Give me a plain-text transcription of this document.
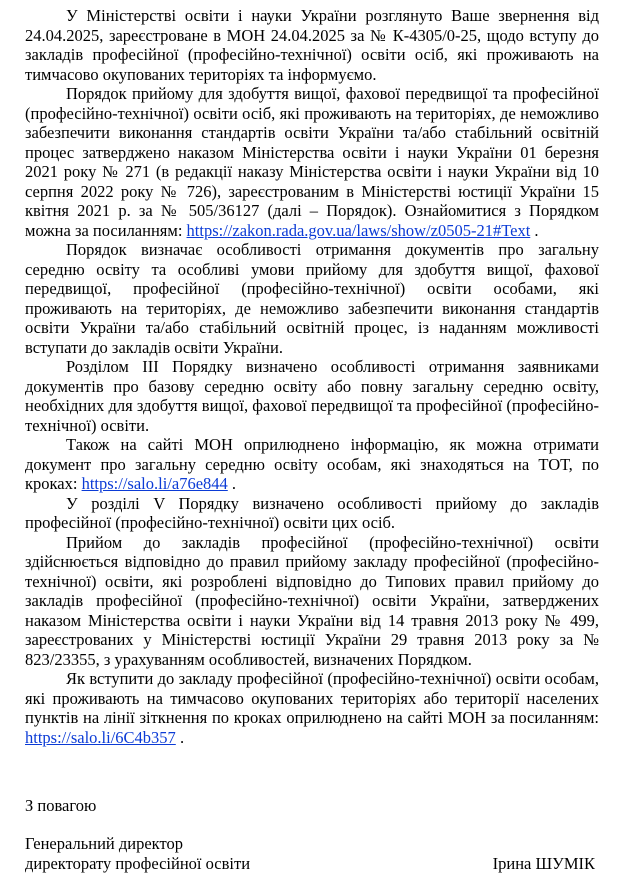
У Міністерстві освіти і науки України розглянуто Ваше звернення від 24.04.2025, зареєстроване в МОН 24.04.2025 за № К-4305/0-25, щодо вступу до закладів професійної (професійно-технічної) освіти осіб, які проживають на тимчасово окупованих територіях та інформуємо.

Порядок прийому для здобуття вищої, фахової передвищої та професійної (професійно-технічної) освіти осіб, які проживають на територіях, де неможливо забезпечити виконання стандартів освіти України та/або стабільний освітній процес затверджено наказом Міністерства освіти і науки України 01 березня 2021 року № 271 (в редакції наказу Міністерства освіти і науки України від 10 серпня 2022 року № 726), зареєстрованим в Міністерстві юстиції України 15 квітня 2021 р. за № 505/36127 (далі – Порядок). Ознайомитися з Порядком можна за посиланням: https://zakon.rada.gov.ua/laws/show/z0505-21#Text .

Порядок визначає особливості отримання документів про загальну середню освіту та особливі умови прийому для здобуття вищої, фахової передвищої, професійної (професійно-технічної) освіти особами, які проживають на територіях, де неможливо забезпечити виконання стандартів освіти України та/або стабільний освітній процес, із наданням можливості вступати до закладів освіти України.

Розділом ІІІ Порядку визначено особливості отримання заявниками документів про базову середню освіту або повну загальну середню освіту, необхідних для здобуття вищої, фахової передвищої та професійної (професійно-технічної) освіти.

Також на сайті МОН оприлюднено інформацію, як можна отримати документ про загальну середню освіту особам, які знаходяться на ТОТ, по кроках: https://salo.li/a76e844 .

У розділі V Порядку визначено особливості прийому до закладів професійної (професійно-технічної) освіти цих осіб.

Прийом до закладів професійної (професійно-технічної) освіти здійснюється відповідно до правил прийому закладу професійної (професійно-технічної) освіти, які розроблені відповідно до Типових правил прийому до закладів професійної (професійно-технічної) освіти України, затверджених наказом Міністерства освіти і науки України від 14 травня 2013 року № 499, зареєстрованих у Міністерстві юстиції України 29 травня 2013 року за № 823/23355, з урахуванням особливостей, визначених Порядком.

Як вступити до закладу професійної (професійно-технічної) освіти особам, які проживають на тимчасово окупованих територіях або території населених пунктів на лінії зіткнення по кроках оприлюднено на сайті МОН за посиланням: https://salo.li/6C4b357 .

З повагою
Генеральний директор
директорату професійної освіти	Ірина ШУМІК
